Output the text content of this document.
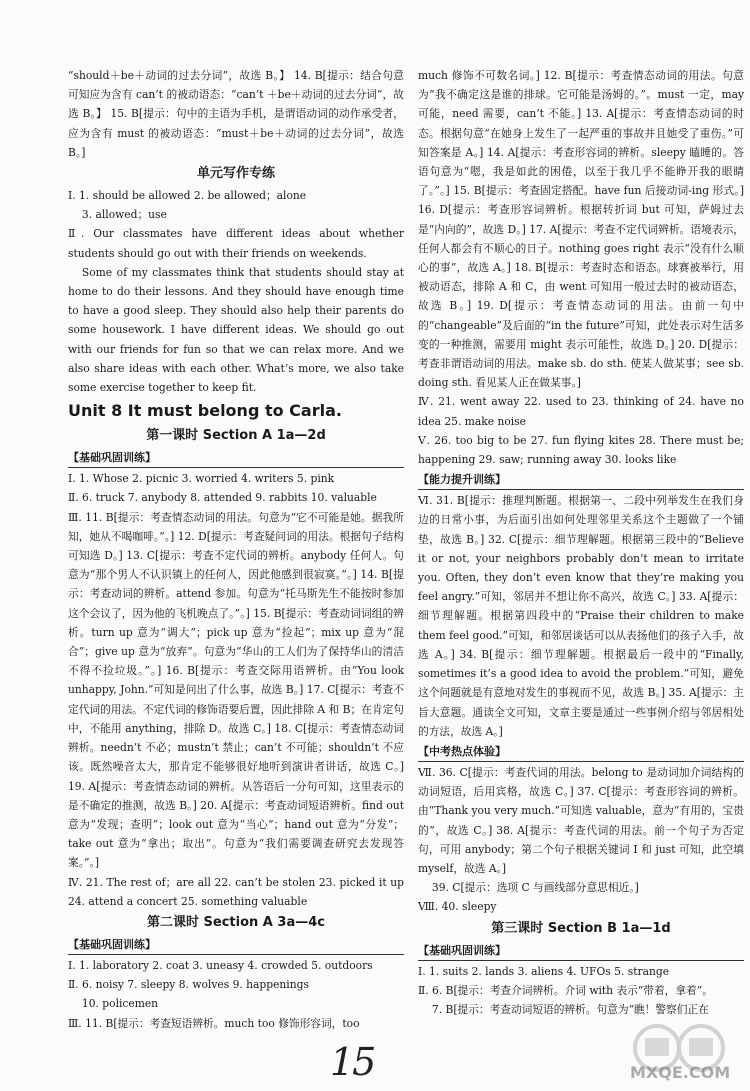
“should＋be＋动词的过去分词”，故选 B。】 14. B[提示：结合句意可知应为含有 can’t 的被动语态：“can’t ＋be＋动词的过去分词”，故选 B。】 15. B[提示：句中的主语为手机，是谓语动词的动作承受者，应为含有 must 的被动语态：“must＋be＋动词的过去分词”，故选 B。]

单元写作专练

Ⅰ. 1. should be allowed 2. be allowed；alone

3. allowed；use

Ⅱ. Our classmates have different ideas about whether students should go out with their friends on weekends.

Some of my classmates think that students should stay at home to do their lessons. And they should have enough time to have a good sleep. They should also help their parents do some housework. I have different ideas. We should go out with our friends for fun so that we can relax more. And we also share ideas with each other. What’s more, we also take some exercise together to keep fit.

Unit 8 It must belong to Carla.
第一课时 Section A 1a—2d
【基础巩固训练】

Ⅰ. 1. Whose 2. picnic 3. worried 4. writers 5. pink

Ⅱ. 6. truck 7. anybody 8. attended 9. rabbits 10. valuable

Ⅲ. 11. B[提示：考查情态动词的用法。句意为“它不可能是她。据我所知，她从不喝咖啡。”。] 12. D[提示：考查疑问词的用法。根据句子结构可知选 D。] 13. C[提示：考查不定代词的辨析。anybody 任何人。句意为“那个男人不认识镇上的任何人，因此他感到很寂寞。”。] 14. B[提示：考查动词的辨析。attend 参加。句意为“托马斯先生不能按时参加这个会议了，因为他的飞机晚点了。”。] 15. B[提示：考查动词词组的辨析。turn up 意为“调大”；pick up 意为“捡起”；mix up 意为“混合”；give up 意为“放弃”。句意为“华山的工人们为了保持华山的清洁不得不捡垃圾。”。] 16. B[提示：考查交际用语辨析。由“You look unhappy, John.”可知是问出了什么事，故选 B。] 17. C[提示：考查不定代词的用法。不定代词的修饰语要后置，因此排除 A 和 B；在肯定句中，不能用 anything，排除 D。故选 C。] 18. C[提示：考查情态动词辨析。needn’t 不必；mustn’t 禁止；can’t 不可能；shouldn’t 不应该。既然噪音太大，那肯定不能够很好地听到演讲者讲话，故选 C。] 19. A[提示：考查情态动词的辨析。从答语后一分句可知，这里表示的是不确定的推测，故选 B。] 20. A[提示：考查动词短语辨析。find out 意为“发现；查明”；look out 意为“当心”；hand out 意为“分发”；take out 意为“拿出；取出”。句意为“我们需要调查研究去发现答案。”。]

Ⅳ. 21. The rest of；are all 22. can’t be stolen 23. picked it up 24. attend a concert 25. something valuable

第二课时 Section A 3a—4c
【基础巩固训练】

Ⅰ. 1. laboratory 2. coat 3. uneasy 4. crowded 5. outdoors

Ⅱ. 6. noisy 7. sleepy 8. wolves 9. happenings

10. policemen

Ⅲ. 11. B[提示：考查短语辨析。much too 修饰形容词，too

much 修饰不可数名词。] 12. B[提示：考查情态动词的用法。句意为“我不确定这是谁的排球。它可能是汤姆的。”。must 一定，may 可能，need 需要，can’t 不能。] 13. A[提示：考查情态动词的时态。根据句意“在她身上发生了一起严重的事故并且她受了重伤。”可知答案是 A。] 14. A[提示：考查形容词的辨析。sleepy 瞌睡的。答语句意为“嗯，我是如此的困倦，以至于我几乎不能睁开我的眼睛了。”。] 15. B[提示：考查固定搭配。have fun 后接动词-ing 形式。] 16. D[提示：考查形容词辨析。根据转折词 but 可知，萨姆过去是“内向的”，故选 D。] 17. A[提示：考查不定代词辨析。语境表示，任何人都会有不顺心的日子。nothing goes right 表示“没有什么顺心的事”，故选 A。] 18. B[提示：考查时态和语态。球赛被举行，用被动语态，排除 A 和 C，由 went 可知用一般过去时的被动语态，故选 B。] 19. D[提示：考查情态动词的用法。由前一句中的“changeable”及后面的“in the future”可知，此处表示对生活多变的一种推测，需要用 might 表示可能性，故选 D。] 20. D[提示：考查非谓语动词的用法。make sb. do sth. 使某人做某事；see sb. doing sth. 看见某人正在做某事。]

Ⅳ. 21. went away 22. used to 23. thinking of 24. have no idea 25. make noise

Ⅴ. 26. too big to be 27. fun flying kites 28. There must be; happening 29. saw; running away 30. looks like

【能力提升训练】

Ⅵ. 31. B[提示：推理判断题。根据第一、二段中列举发生在我们身边的日常小事，为后面引出如何处理邻里关系这个主题做了一个铺垫，故选 B。] 32. C[提示：细节理解题。根据第三段中的“Believe it or not, your neighbors probably don’t mean to irritate you. Often, they don’t even know that they’re making you feel angry.”可知，邻居并不想让你不高兴，故选 C。] 33. A[提示：细节理解题。根据第四段中的“Praise their children to make them feel good.”可知，和邻居谈话可以从表扬他们的孩子入手，故选 A。] 34. B[提示：细节理解题。根据最后一段中的“Finally, sometimes it’s a good idea to avoid the problem.”可知，避免这个问题就是有意地对发生的事视而不见，故选 B。] 35. A[提示：主旨大意题。通读全文可知，文章主要是通过一些事例介绍与邻居相处的方法，故选 A。]

【中考热点体验】

Ⅶ. 36. C[提示：考查代词的用法。belong to 是动词加介词结构的动词短语，后用宾格，故选 C。] 37. C[提示：考查形容词的辨析。由“Thank you very much.”可知选 valuable，意为“有用的，宝贵的”，故选 C。] 38. A[提示：考查代词的用法。前一个句子为否定句，可用 anybody；第二个句子根据关键词 I 和 just 可知，此空填 myself，故选 A。]

39. C[提示：选项 C 与画线部分意思相近。]

Ⅷ. 40. sleepy

第三课时 Section B 1a—1d
【基础巩固训练】

Ⅰ. 1. suits 2. lands 3. aliens 4. UFOs 5. strange

Ⅱ. 6. B[提示：考查介词辨析。介词 with 表示“带着，拿着”。

7. B[提示：考查动词短语的辨析。句意为“瞧！警察们正在

15	MXQE.COM
